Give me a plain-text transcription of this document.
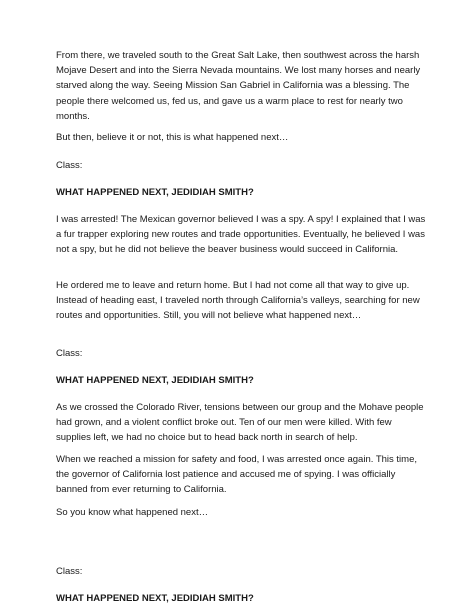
From there, we traveled south to the Great Salt Lake, then southwest across the harsh Mojave Desert and into the Sierra Nevada mountains. We lost many horses and nearly starved along the way. Seeing Mission San Gabriel in California was a blessing. The people there welcomed us, fed us, and gave us a warm place to rest for nearly two months.

But then, believe it or not, this is what happened next…

Class:

WHAT HAPPENED NEXT, JEDIDIAH SMITH?

I was arrested! The Mexican governor believed I was a spy. A spy! I explained that I was a fur trapper exploring new routes and trade opportunities. Eventually, he believed I was not a spy, but he did not believe the beaver business would succeed in California.

He ordered me to leave and return home. But I had not come all that way to give up. Instead of heading east, I traveled north through California’s valleys, searching for new routes and opportunities. Still, you will not believe what happened next…

Class:

WHAT HAPPENED NEXT, JEDIDIAH SMITH?

As we crossed the Colorado River, tensions between our group and the Mohave people had grown, and a violent conflict broke out. Ten of our men were killed. With few supplies left, we had no choice but to head back north in search of help.

When we reached a mission for safety and food, I was arrested once again. This time, the governor of California lost patience and accused me of spying. I was officially banned from ever returning to California.

So you know what happened next…

Class:

WHAT HAPPENED NEXT, JEDIDIAH SMITH?
